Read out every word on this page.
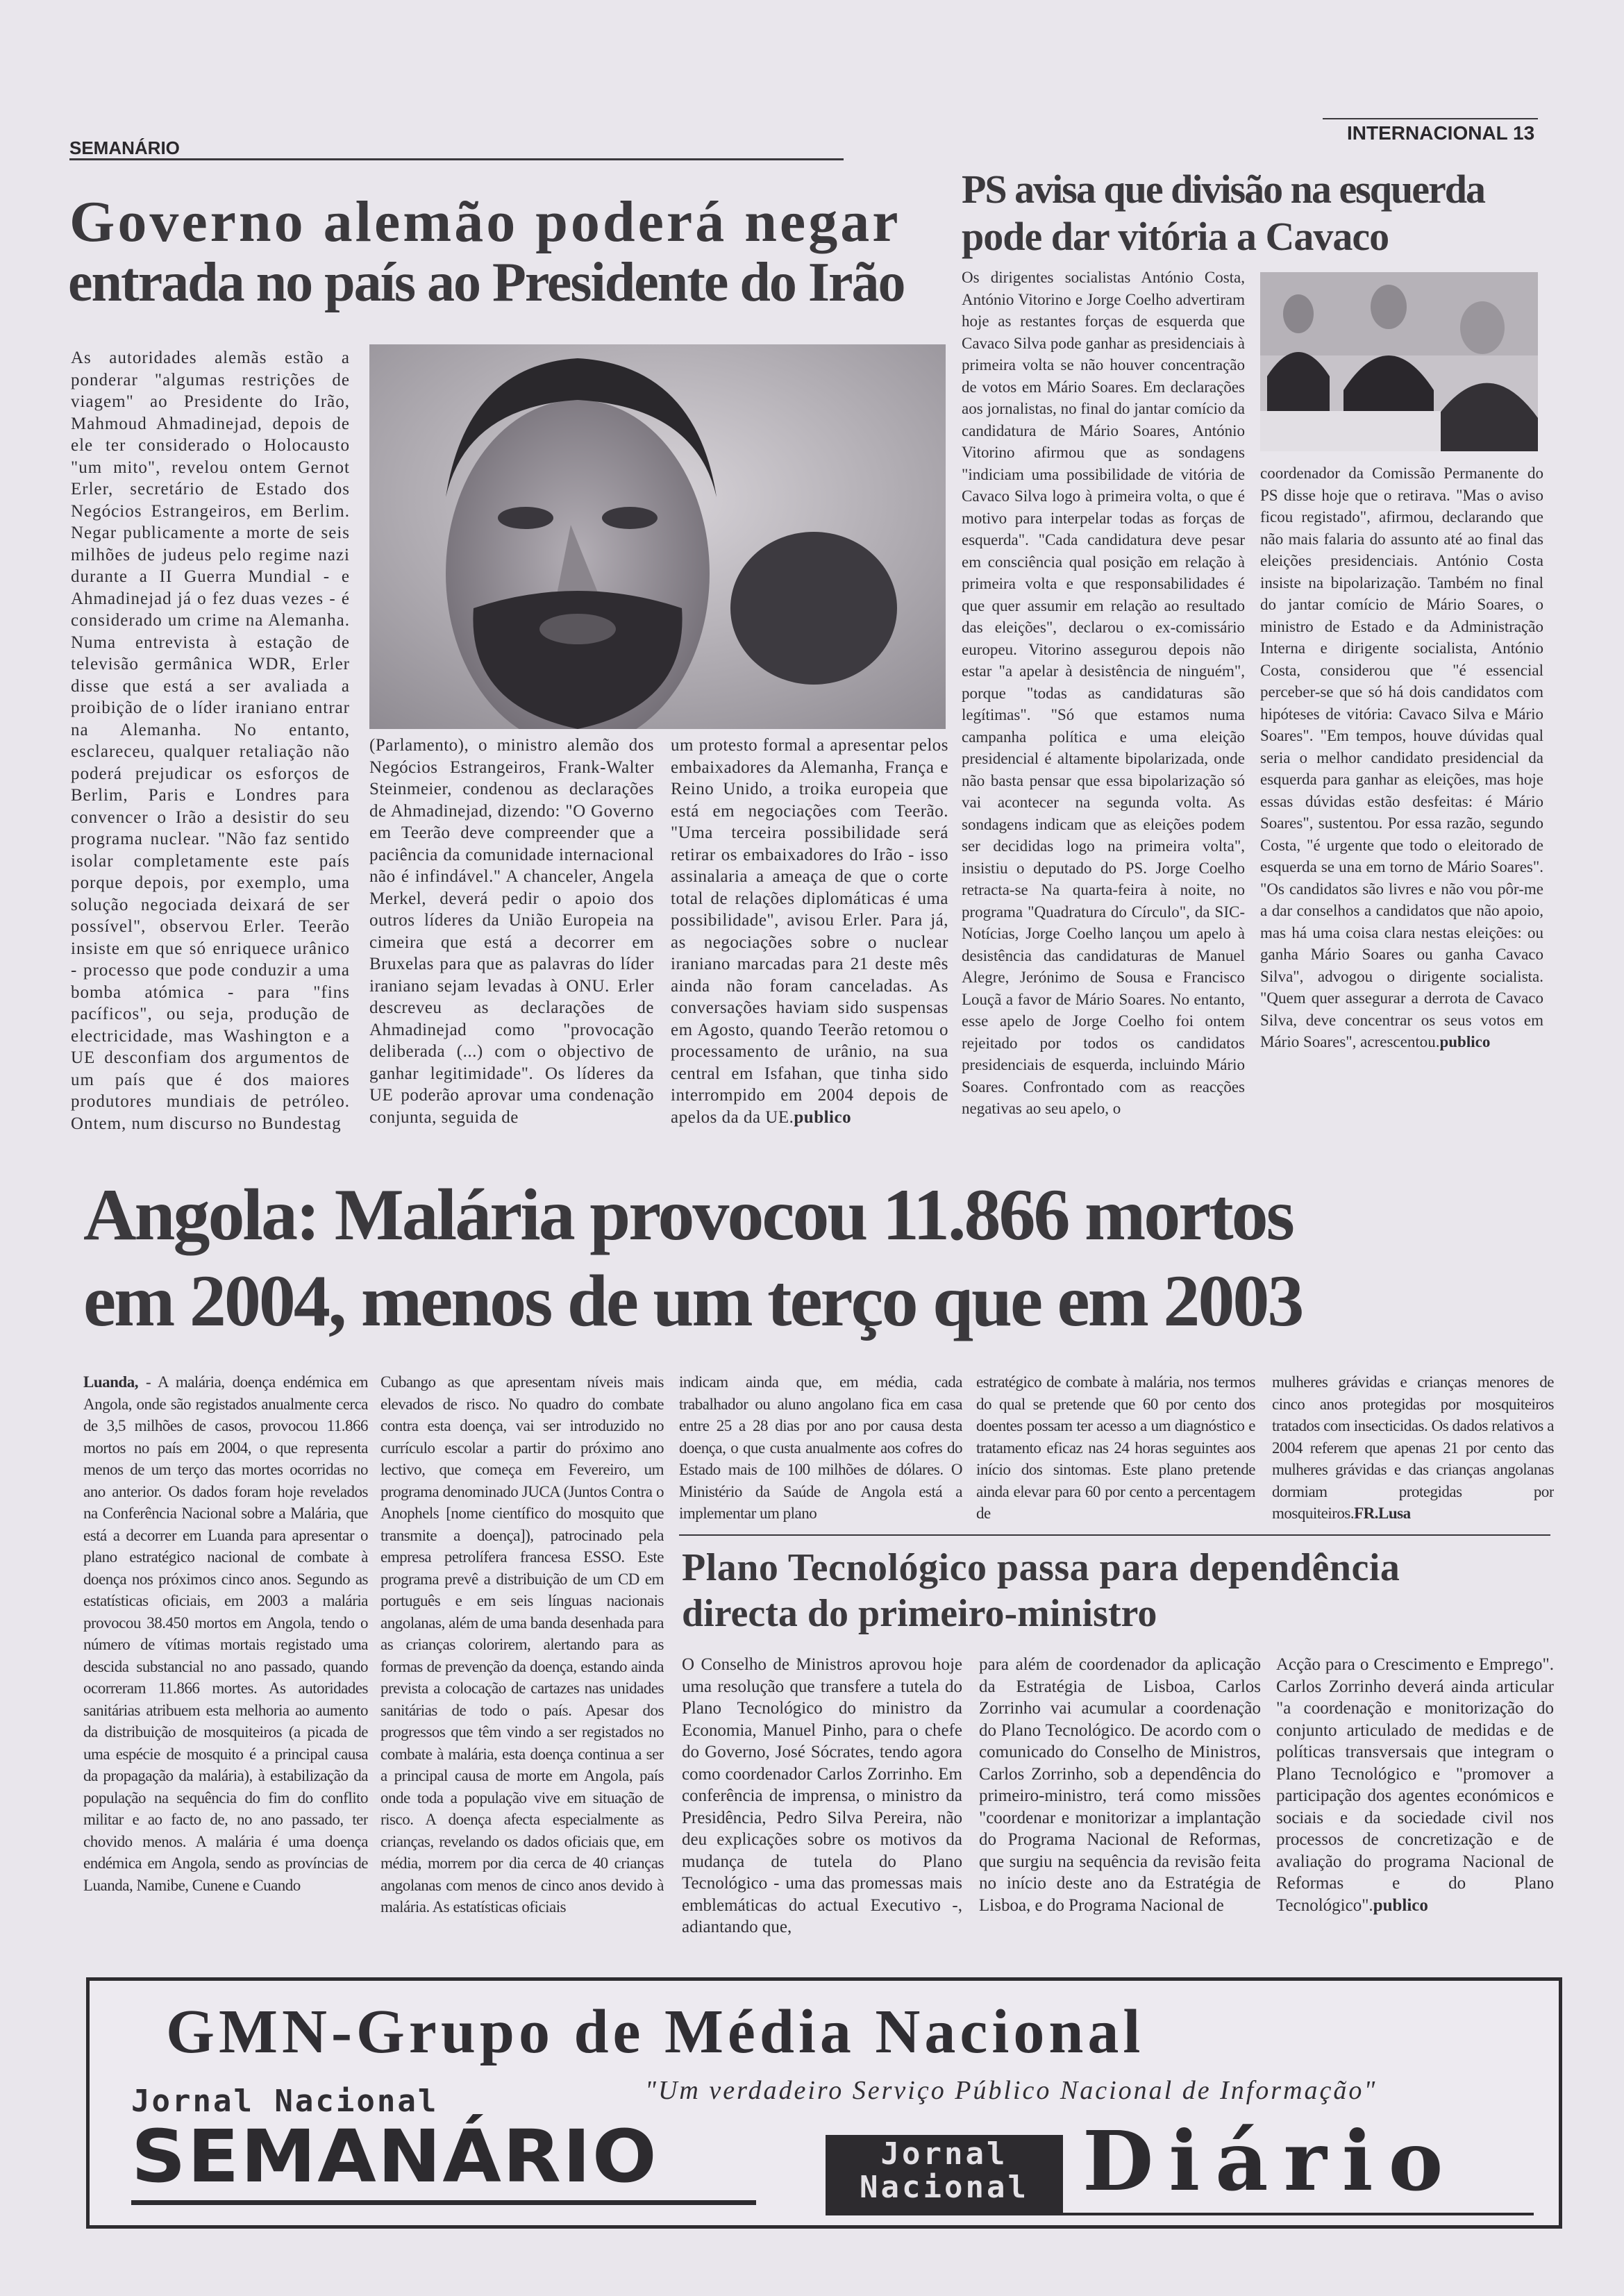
SEMANÁRIO
INTERNACIONAL 13
Governo alemão poderá negar
entrada no país ao Presidente do Irão
As autoridades alemãs estão a ponderar "algumas restrições de viagem" ao Presidente do Irão, Mahmoud Ahmadinejad, depois de ele ter considerado o Holocausto "um mito", revelou ontem Gernot Erler, secretário de Estado dos Negócios Estrangeiros, em Berlim. Negar publicamente a morte de seis milhões de judeus pelo regime nazi durante a II Guerra Mundial - e Ahmadinejad já o fez duas vezes - é considerado um crime na Alemanha. Numa entrevista à estação de televisão germânica WDR, Erler disse que está a ser avaliada a proibição de o líder iraniano entrar na Alemanha. No entanto, esclareceu, qualquer retaliação não poderá prejudicar os esforços de Berlim, Paris e Londres para convencer o Irão a desistir do seu programa nuclear. "Não faz sentido isolar completamente este país porque depois, por exemplo, uma solução negociada deixará de ser possível", observou Erler. Teerão insiste em que só enriquece urânico - processo que pode conduzir a uma bomba atómica - para "fins pacíficos", ou seja, produção de electricidade, mas Washington e a UE desconfiam dos argumentos de um país que é dos maiores produtores mundiais de petróleo. Ontem, num discurso no Bundestag
(Parlamento), o ministro alemão dos Negócios Estrangeiros, Frank-Walter Steinmeier, condenou as declarações de Ahmadinejad, dizendo: "O Governo em Teerão deve compreender que a paciência da comunidade internacional não é infindável." A chanceler, Angela Merkel, deverá pedir o apoio dos outros líderes da União Europeia na cimeira que está a decorrer em Bruxelas para que as palavras do líder iraniano sejam levadas à ONU. Erler descreveu as declarações de Ahmadinejad como "provocação deliberada (...) com o objectivo de ganhar legitimidade". Os líderes da UE poderão aprovar uma condenação conjunta, seguida de
um protesto formal a apresentar pelos embaixadores da Alemanha, França e Reino Unido, a troika europeia que está em negociações com Teerão. "Uma terceira possibilidade será retirar os embaixadores do Irão - isso assinalaria a ameaça de que o corte total de relações diplomáticas é uma possibilidade", avisou Erler. Para já, as negociações sobre o nuclear iraniano marcadas para 21 deste mês ainda não foram canceladas. As conversações haviam sido suspensas em Agosto, quando Teerão retomou o processamento de urânio, na sua central em Isfahan, que tinha sido interrompido em 2004 depois de apelos da da UE.publico
PS avisa que divisão na esquerda
pode dar vitória a Cavaco
Os dirigentes socialistas António Costa, António Vitorino e Jorge Coelho advertiram hoje as restantes forças de esquerda que Cavaco Silva pode ganhar as presidenciais à primeira volta se não houver concentração de votos em Mário Soares. Em declarações aos jornalistas, no final do jantar comício da candidatura de Mário Soares, António Vitorino afirmou que as sondagens "indiciam uma possibilidade de vitória de Cavaco Silva logo à primeira volta, o que é motivo para interpelar todas as forças de esquerda". "Cada candidatura deve pesar em consciência qual posição em relação à primeira volta e que responsabilidades é que quer assumir em relação ao resultado das eleições", declarou o ex-comissário europeu. Vitorino assegurou depois não estar "a apelar à desistência de ninguém", porque "todas as candidaturas são legítimas". "Só que estamos numa campanha política e uma eleição presidencial é altamente bipolarizada, onde não basta pensar que essa bipolarização só vai acontecer na segunda volta. As sondagens indicam que as eleições podem ser decididas logo na primeira volta", insistiu o deputado do PS. Jorge Coelho retracta-se Na quarta-feira à noite, no programa "Quadratura do Círculo", da SIC-Notícias, Jorge Coelho lançou um apelo à desistência das candidaturas de Manuel Alegre, Jerónimo de Sousa e Francisco Louçã a favor de Mário Soares. No entanto, esse apelo de Jorge Coelho foi ontem rejeitado por todos os candidatos presidenciais de esquerda, incluindo Mário Soares. Confrontado com as reacções negativas ao seu apelo, o
coordenador da Comissão Permanente do PS disse hoje que o retirava. "Mas o aviso ficou registado", afirmou, declarando que não mais falaria do assunto até ao final das eleições presidenciais. António Costa insiste na bipolarização. Também no final do jantar comício de Mário Soares, o ministro de Estado e da Administração Interna e dirigente socialista, António Costa, considerou que "é essencial perceber-se que só há dois candidatos com hipóteses de vitória: Cavaco Silva e Mário Soares". "Em tempos, houve dúvidas qual seria o melhor candidato presidencial da esquerda para ganhar as eleições, mas hoje essas dúvidas estão desfeitas: é Mário Soares", sustentou. Por essa razão, segundo Costa, "é urgente que todo o eleitorado de esquerda se una em torno de Mário Soares". "Os candidatos são livres e não vou pôr-me a dar conselhos a candidatos que não apoio, mas há uma coisa clara nestas eleições: ou ganha Mário Soares ou ganha Cavaco Silva", advogou o dirigente socialista. "Quem quer assegurar a derrota de Cavaco Silva, deve concentrar os seus votos em Mário Soares", acrescentou.publico
Angola: Malária provocou 11.866 mortos
em 2004, menos de um terço que em 2003
Luanda, - A malária, doença endémica em Angola, onde são registados anualmente cerca de 3,5 milhões de casos, provocou 11.866 mortos no país em 2004, o que representa menos de um terço das mortes ocorridas no ano anterior. Os dados foram hoje revelados na Conferência Nacional sobre a Malária, que está a decorrer em Luanda para apresentar o plano estratégico nacional de combate à doença nos próximos cinco anos. Segundo as estatísticas oficiais, em 2003 a malária provocou 38.450 mortos em Angola, tendo o número de vítimas mortais registado uma descida substancial no ano passado, quando ocorreram 11.866 mortes. As autoridades sanitárias atribuem esta melhoria ao aumento da distribuição de mosquiteiros (a picada de uma espécie de mosquito é a principal causa da propagação da malária), à estabilização da população na sequência do fim do conflito militar e ao facto de, no ano passado, ter chovido menos. A malária é uma doença endémica em Angola, sendo as províncias de Luanda, Namibe, Cunene e Cuando
Cubango as que apresentam níveis mais elevados de risco. No quadro do combate contra esta doença, vai ser introduzido no currículo escolar a partir do próximo ano lectivo, que começa em Fevereiro, um programa denominado JUCA (Juntos Contra o Anophels [nome científico do mosquito que transmite a doença]), patrocinado pela empresa petrolífera francesa ESSO. Este programa prevê a distribuição de um CD em português e em seis línguas nacionais angolanas, além de uma banda desenhada para as crianças colorirem, alertando para as formas de prevenção da doença, estando ainda prevista a colocação de cartazes nas unidades sanitárias de todo o país. Apesar dos progressos que têm vindo a ser registados no combate à malária, esta doença continua a ser a principal causa de morte em Angola, país onde toda a população vive em situação de risco. A doença afecta especialmente as crianças, revelando os dados oficiais que, em média, morrem por dia cerca de 40 crianças angolanas com menos de cinco anos devido à malária. As estatísticas oficiais
indicam ainda que, em média, cada trabalhador ou aluno angolano fica em casa entre 25 a 28 dias por ano por causa desta doença, o que custa anualmente aos cofres do Estado mais de 100 milhões de dólares. O Ministério da Saúde de Angola está a implementar um plano
estratégico de combate à malária, nos termos do qual se pretende que 60 por cento dos doentes possam ter acesso a um diagnóstico e tratamento eficaz nas 24 horas seguintes aos início dos sintomas. Este plano pretende ainda elevar para 60 por cento a percentagem de
mulheres grávidas e crianças menores de cinco anos protegidas por mosquiteiros tratados com insecticidas. Os dados relativos a 2004 referem que apenas 21 por cento das mulheres grávidas e das crianças angolanas dormiam protegidas por mosquiteiros.FR.Lusa
Plano Tecnológico passa para dependência
directa do primeiro-ministro
O Conselho de Ministros aprovou hoje uma resolução que transfere a tutela do Plano Tecnológico do ministro da Economia, Manuel Pinho, para o chefe do Governo, José Sócrates, tendo agora como coordenador Carlos Zorrinho. Em conferência de imprensa, o ministro da Presidência, Pedro Silva Pereira, não deu explicações sobre os motivos da mudança de tutela do Plano Tecnológico - uma das promessas mais emblemáticas do actual Executivo -, adiantando que,
para além de coordenador da aplicação da Estratégia de Lisboa, Carlos Zorrinho vai acumular a coordenação do Plano Tecnológico. De acordo com o comunicado do Conselho de Ministros, Carlos Zorrinho, sob a dependência do primeiro-ministro, terá como missões "coordenar e monitorizar a implantação do Programa Nacional de Reformas, que surgiu na sequência da revisão feita no início deste ano da Estratégia de Lisboa, e do Programa Nacional de
Acção para o Crescimento e Emprego". Carlos Zorrinho deverá ainda articular "a coordenação e monitorização do conjunto articulado de medidas e de políticas transversais que integram o Plano Tecnológico e "promover a participação dos agentes económicos e sociais e da sociedade civil nos processos de concretização e de avaliação do programa Nacional de Reformas e do Plano Tecnológico".publico
GMN-Grupo de Média Nacional
Jornal Nacional	"Um verdadeiro Serviço Público Nacional de Informação"
SEMANÁRIO	Jornal
Nacional Diário
